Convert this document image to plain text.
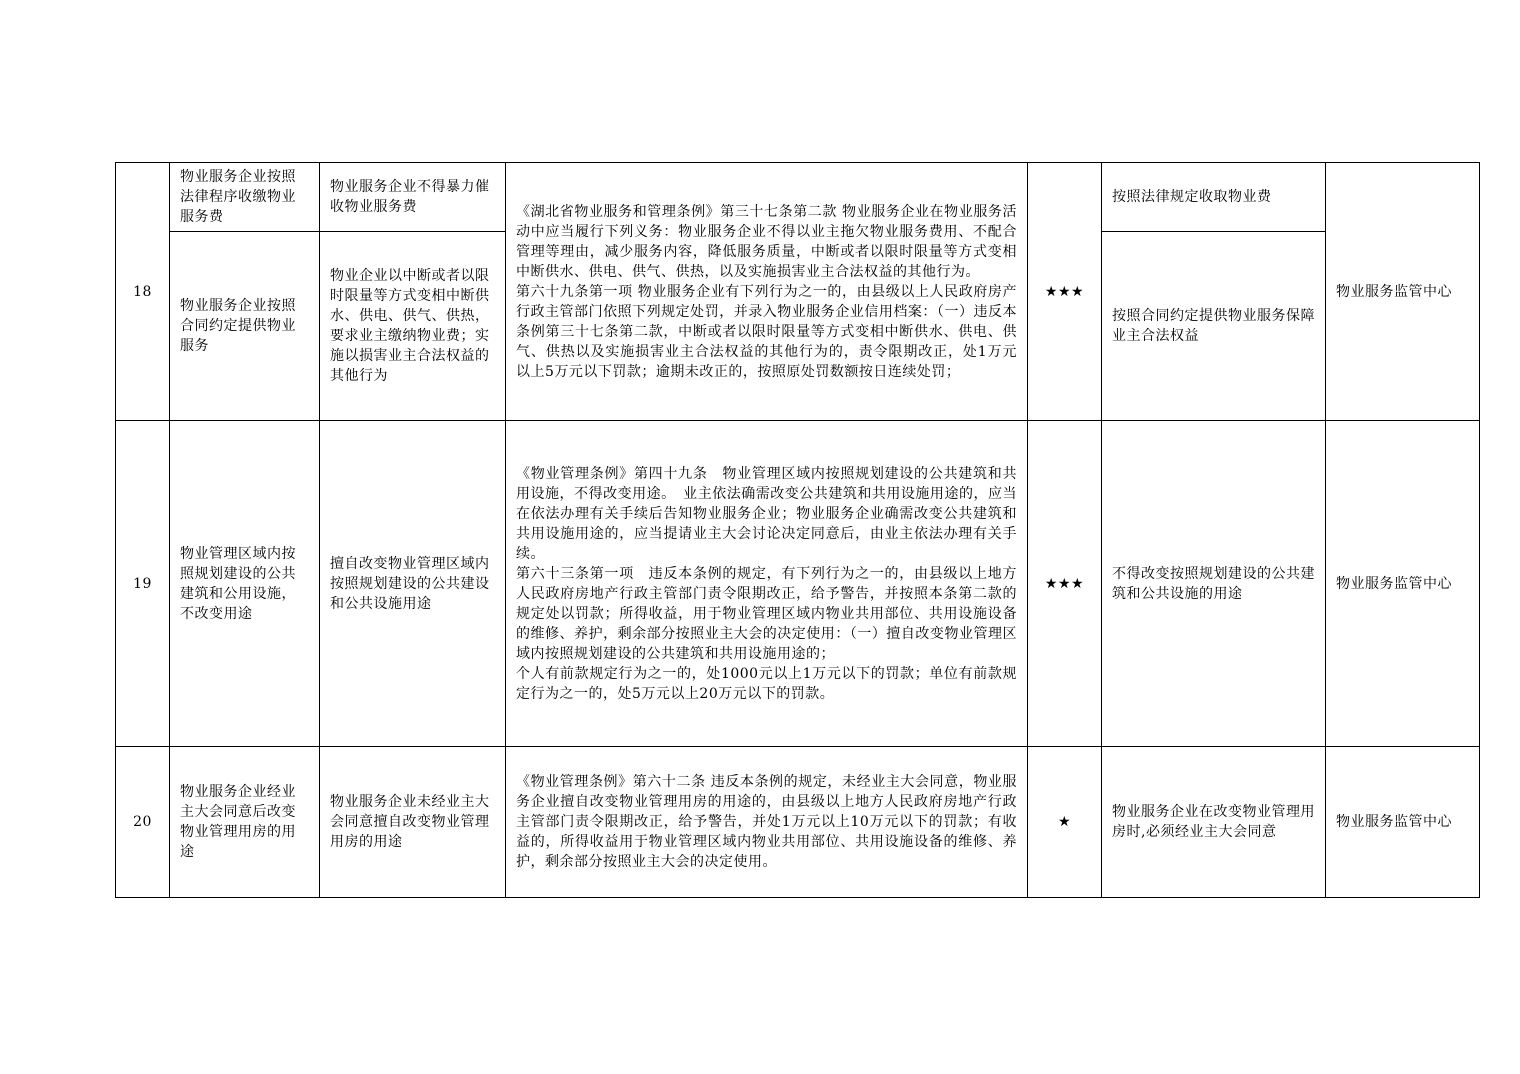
18	物业服务企业按照法律程序收缴物业服务费	物业服务企业不得暴力催收物业服务费	《湖北省物业服务和管理条例》第三十七条第二款 物业服务企业在物业服务活动中应当履行下列义务：物业服务企业不得以业主拖欠物业服务费用、不配合管理等理由，减少服务内容，降低服务质量，中断或者以限时限量等方式变相中断供水、供电、供气、供热，以及实施损害业主合法权益的其他行为。
第六十九条第一项 物业服务企业有下列行为之一的，由县级以上人民政府房产行政主管部门依照下列规定处罚，并录入物业服务企业信用档案：（一）违反本条例第三十七条第二款，中断或者以限时限量等方式变相中断供水、供电、供气、供热以及实施损害业主合法权益的其他行为的，责令限期改正，处1万元以上5万元以下罚款；逾期未改正的，按照原处罚数额按日连续处罚；	★★★	按照法律规定收取物业费	物业服务监管中心
	物业服务企业按照合同约定提供物业服务	物业企业以中断或者以限时限量等方式变相中断供水、供电、供气、供热，要求业主缴纳物业费；实施以损害业主合法权益的其他行为			按照合同约定提供物业服务保障业主合法权益	
19	物业管理区域内按照规划建设的公共建筑和公用设施，不改变用途	擅自改变物业管理区域内按照规划建设的公共建设和公共设施用途	《物业管理条例》第四十九条　物业管理区域内按照规划建设的公共建筑和共用设施，不得改变用途。　业主依法确需改变公共建筑和共用设施用途的，应当在依法办理有关手续后告知物业服务企业；物业服务企业确需改变公共建筑和共用设施用途的，应当提请业主大会讨论决定同意后，由业主依法办理有关手续。
第六十三条第一项　违反本条例的规定，有下列行为之一的，由县级以上地方人民政府房地产行政主管部门责令限期改正，给予警告，并按照本条第二款的规定处以罚款；所得收益，用于物业管理区域内物业共用部位、共用设施设备的维修、养护，剩余部分按照业主大会的决定使用：（一）擅自改变物业管理区域内按照规划建设的公共建筑和共用设施用途的；
个人有前款规定行为之一的，处1000元以上1万元以下的罚款；单位有前款规定行为之一的，处5万元以上20万元以下的罚款。	★★★	不得改变按照规划建设的公共建筑和公共设施的用途	物业服务监管中心
20	物业服务企业经业主大会同意后改变物业管理用房的用途	物业服务企业未经业主大会同意擅自改变物业管理用房的用途	《物业管理条例》第六十二条 违反本条例的规定，未经业主大会同意，物业服务企业擅自改变物业管理用房的用途的，由县级以上地方人民政府房地产行政主管部门责令限期改正，给予警告，并处1万元以上10万元以下的罚款；有收益的，所得收益用于物业管理区域内物业共用部位、共用设施设备的维修、养护，剩余部分按照业主大会的决定使用。	★	物业服务企业在改变物业管理用房时,必须经业主大会同意	物业服务监管中心
